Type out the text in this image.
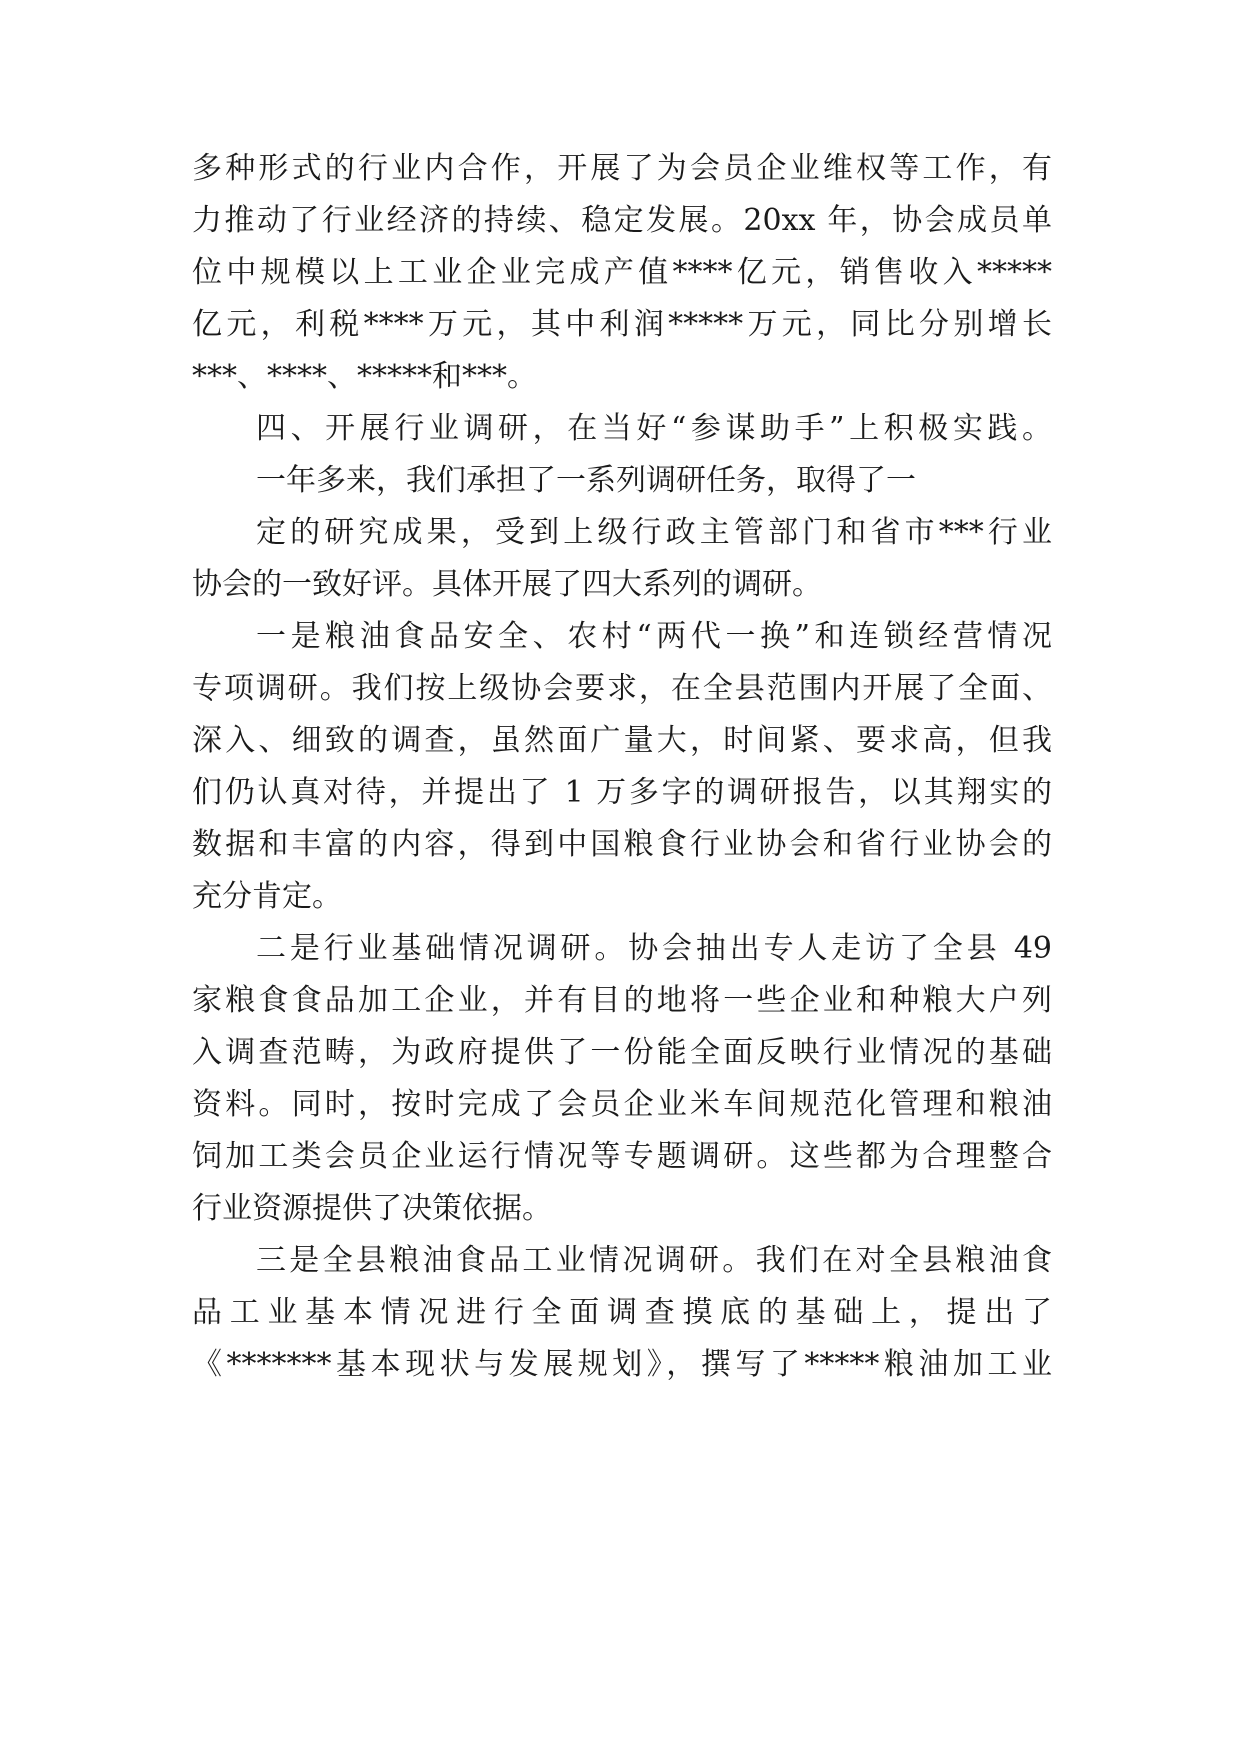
多种形式的行业内合作，开展了为会员企业维权等工作，有
力推动了行业经济的持续、稳定发展。20xx 年，协会成员单
位中规模以上工业企业完成产值****亿元，销售收入*****
亿元，利税****万元，其中利润*****万元，同比分别增长
***、****、*****和***。
四、开展行业调研，在当好“参谋助手”上积极实践。
一年多来，我们承担了一系列调研任务，取得了一
定的研究成果，受到上级行政主管部门和省市***行业
协会的一致好评。具体开展了四大系列的调研。
一是粮油食品安全、农村“两代一换”和连锁经营情况
专项调研。我们按上级协会要求，在全县范围内开展了全面、
深入、细致的调查，虽然面广量大，时间紧、要求高，但我
们仍认真对待，并提出了 1 万多字的调研报告，以其翔实的
数据和丰富的内容，得到中国粮食行业协会和省行业协会的
充分肯定。
二是行业基础情况调研。协会抽出专人走访了全县 49
家粮食食品加工企业，并有目的地将一些企业和种粮大户列
入调查范畴，为政府提供了一份能全面反映行业情况的基础
资料。同时，按时完成了会员企业米车间规范化管理和粮油
饲加工类会员企业运行情况等专题调研。这些都为合理整合
行业资源提供了决策依据。
三是全县粮油食品工业情况调研。我们在对全县粮油食
品工业基本情况进行全面调查摸底的基础上，提出了
《*******基本现状与发展规划》，撰写了*****粮油加工业
